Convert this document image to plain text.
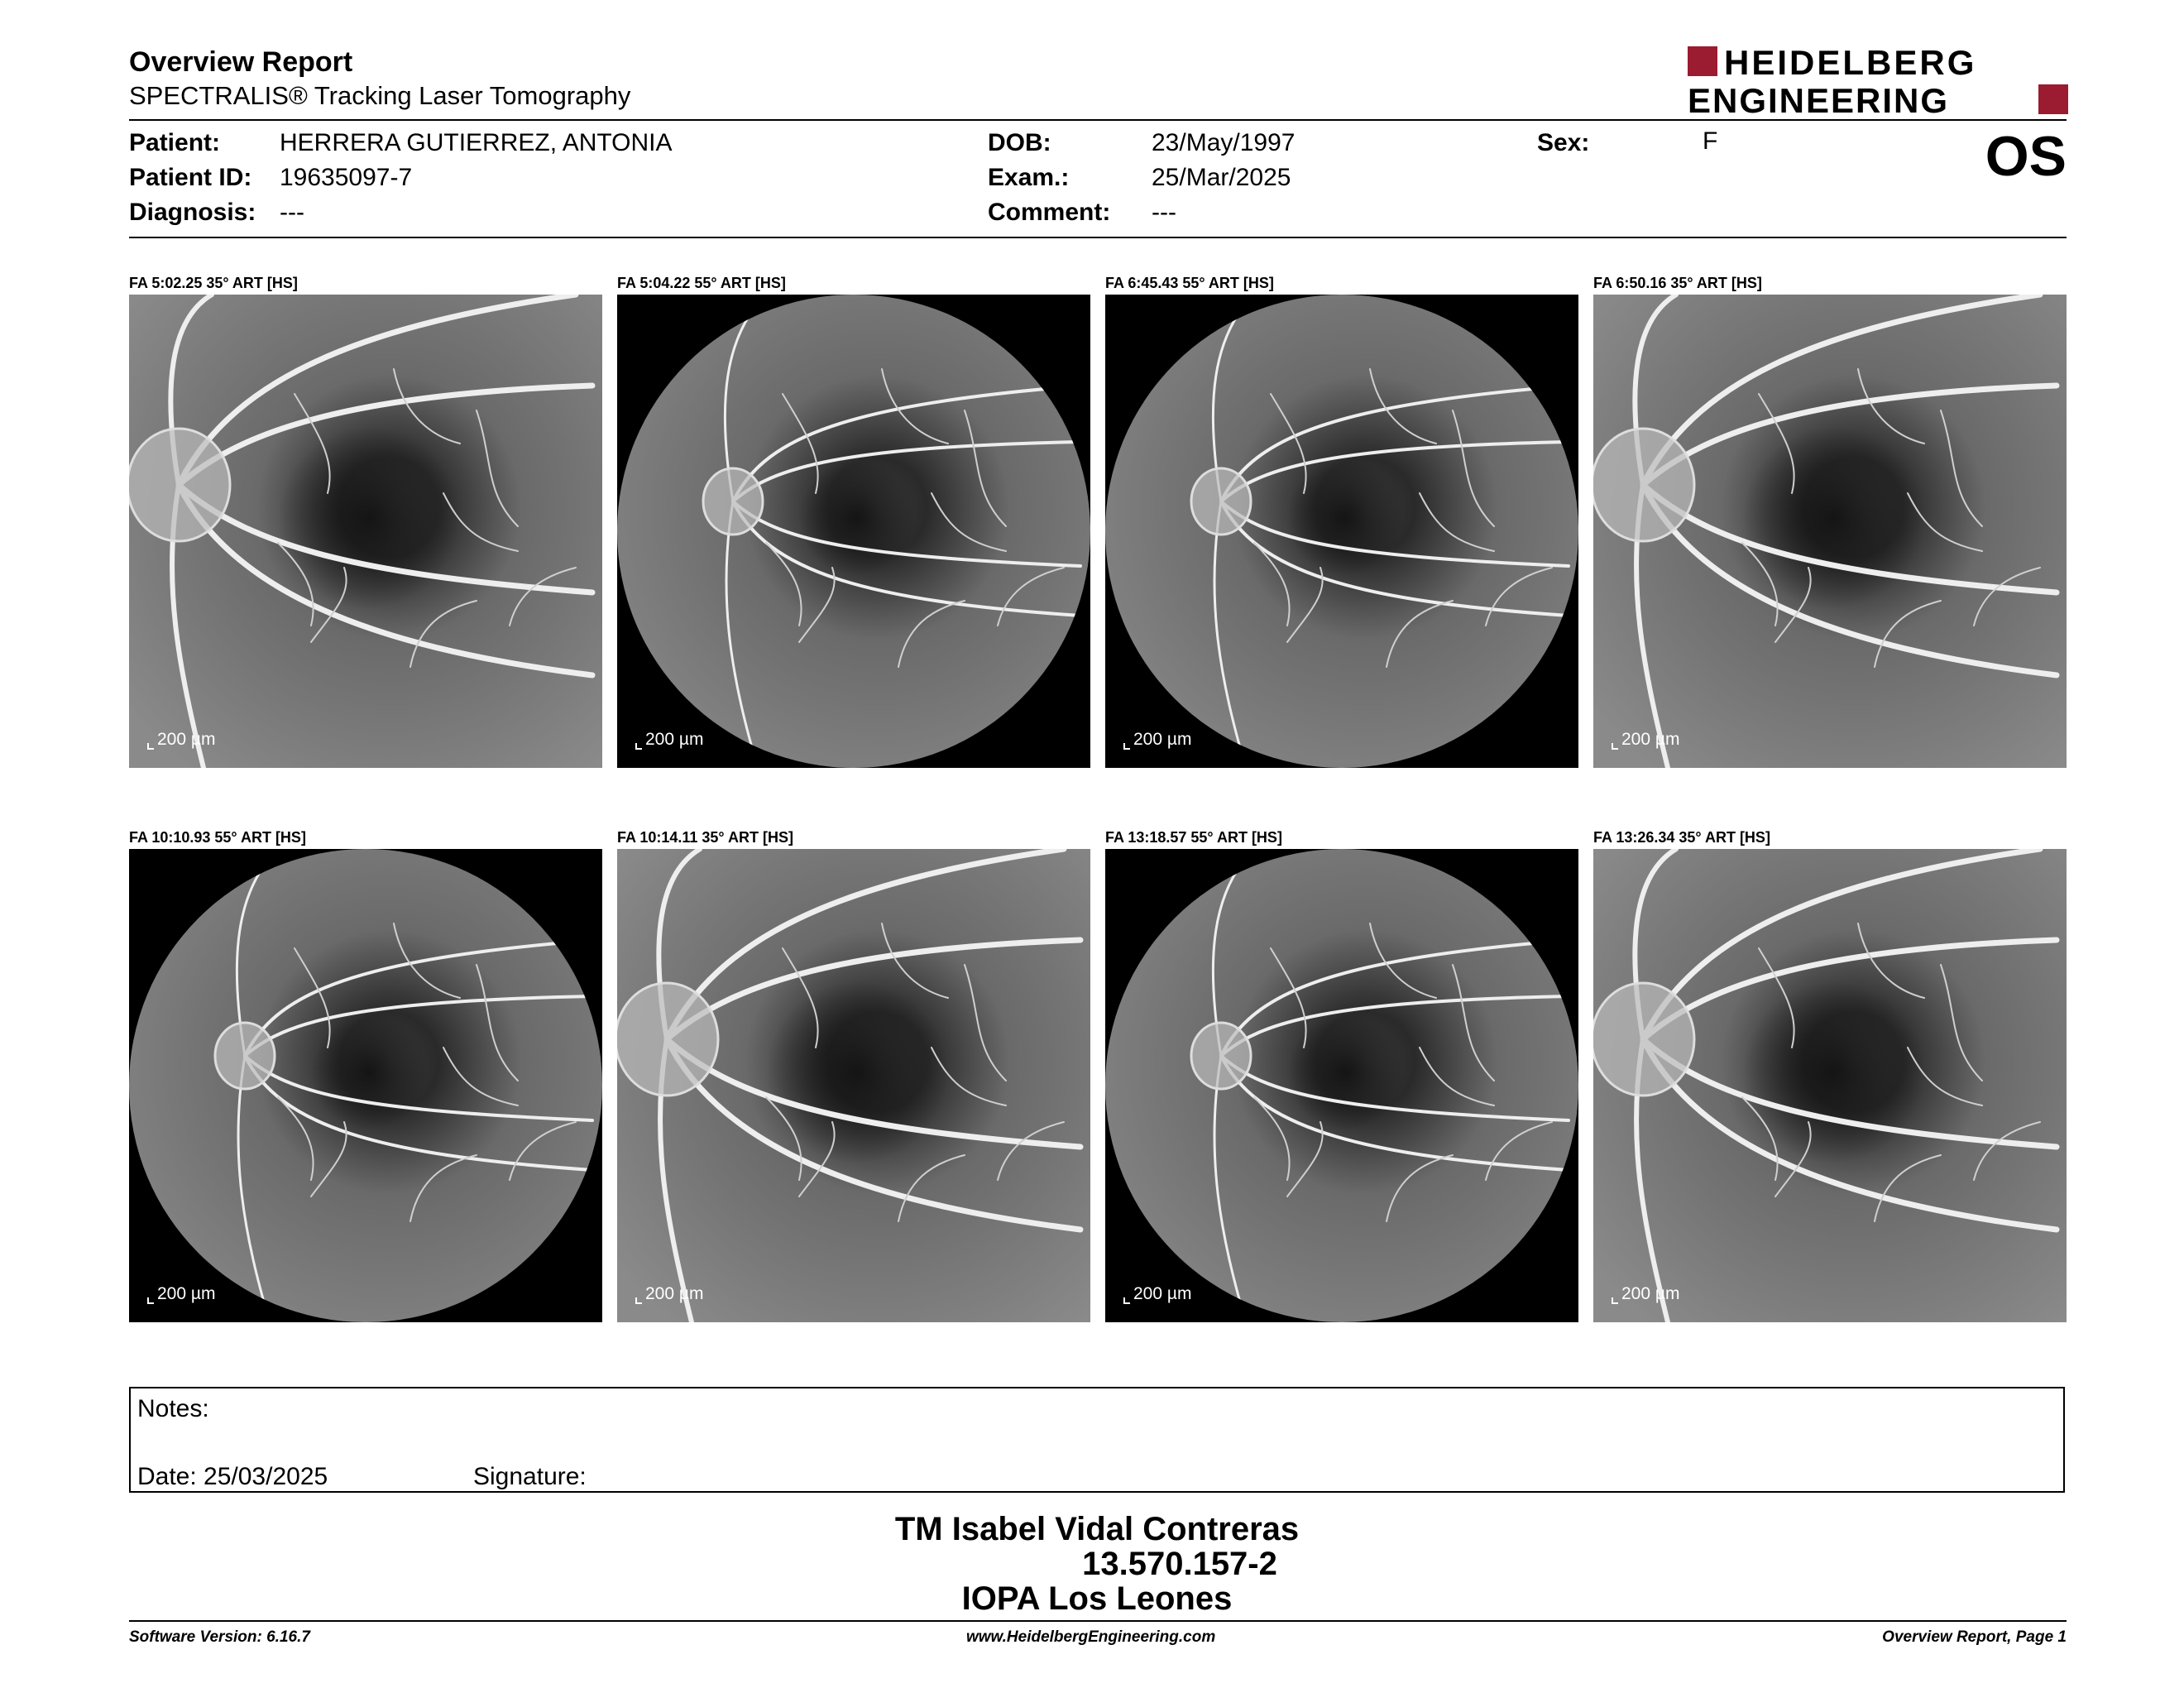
Overview Report
SPECTRALIS® Tracking Laser Tomography
HEIDELBERG
ENGINEERING
Patient: HERRERA GUTIERREZ, ANTONIA
Patient ID: 19635097-7
Diagnosis: ---
DOB:	23/May/1997
Exam.:	25/Mar/2025
Comment: ---
Sex:	F	OS
FA 5:02.25 35° ART [HS]
200 µm
FA 5:04.22 55° ART [HS]
200 µm
FA 6:45.43 55° ART [HS]
200 µm
FA 6:50.16 35° ART [HS]
200 µm
FA 10:10.93 55° ART [HS]
200 µm
FA 10:14.11 35° ART [HS]
200 µm
FA 13:18.57 55° ART [HS]
200 µm
FA 13:26.34 35° ART [HS]
200 µm
Notes:
Date: 25/03/2025	Signature:
TM Isabel Vidal Contreras
13.570.157-2
IOPA Los Leones
Software Version: 6.16.7	www.HeidelbergEngineering.com	Overview Report, Page 1
